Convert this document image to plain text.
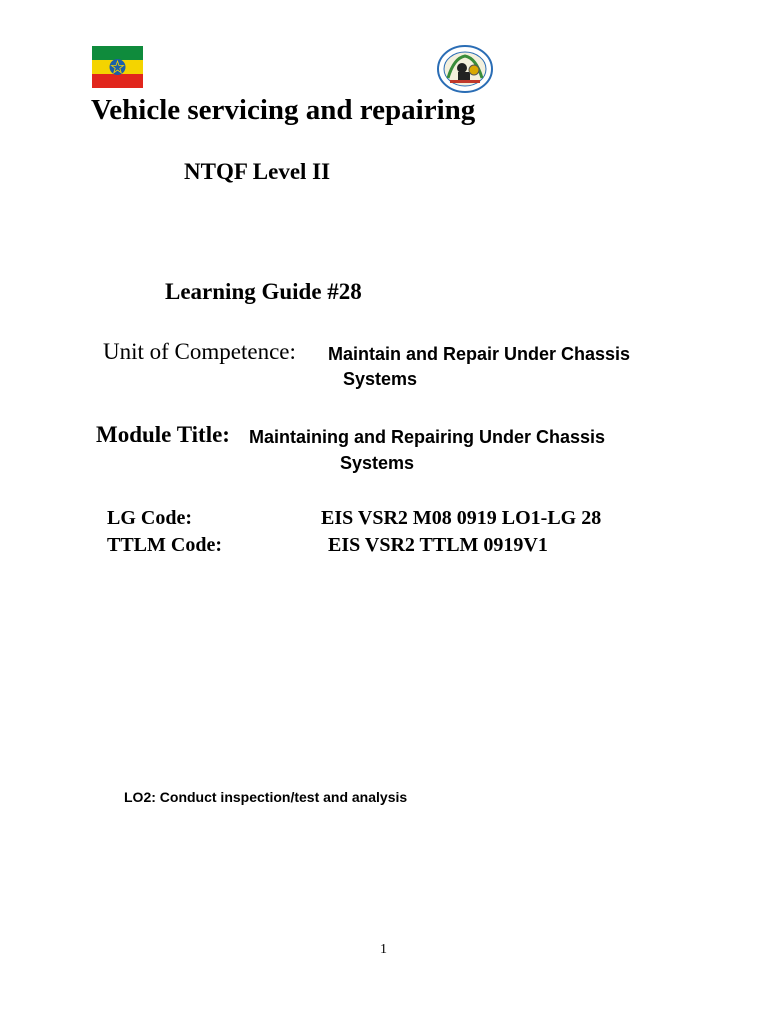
Vehicle servicing and repairing
NTQF Level II
Learning Guide #28
Unit of Competence: Maintain and Repair Under Chassis
Systems
Module Title: Maintaining and Repairing Under Chassis
Systems
LG Code:	EIS VSR2 M08 0919 LO1-LG 28
TTLM Code:	EIS VSR2 TTLM 0919V1
LO2: Conduct inspection/test and analysis
1
